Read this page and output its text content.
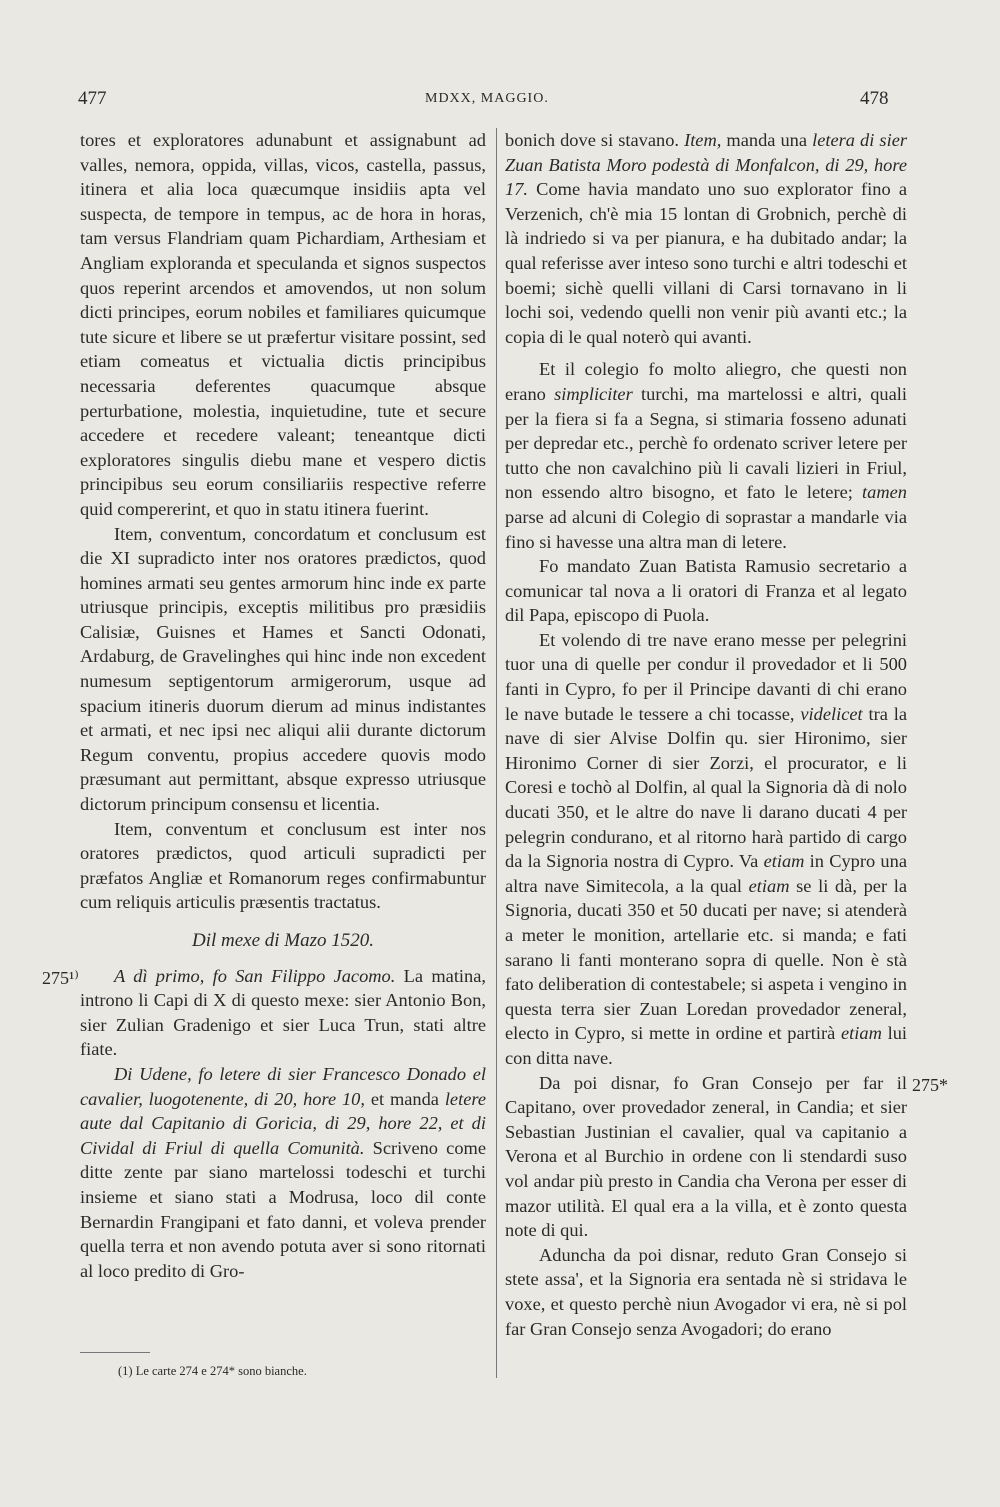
477	MDXX, MAGGIO.	478

tores et exploratores adunabunt et assignabunt ad valles, nemora, oppida, villas, vicos, castella, passus, itinera et alia loca quæcumque insidiis apta vel suspecta, de tempore in tempus, ac de hora in horas, tam versus Flandriam quam Pichardiam, Arthesiam et Angliam exploranda et speculanda et signos suspectos quos reperint arcendos et amovendos, ut non solum dicti principes, eorum nobiles et familiares quicumque tute sicure et libere se ut præfertur visitare possint, sed etiam comeatus et victualia dictis principibus necessaria deferentes quacumque absque perturbatione, molestia, inquietudine, tute et secure accedere et recedere valeant; teneantque dicti exploratores singulis diebu mane et vespero dictis principibus seu eorum consiliariis respective referre quid compererint, et quo in statu itinera fuerint.

Item, conventum, concordatum et conclusum est die XI supradicto inter nos oratores prædictos, quod homines armati seu gentes armorum hinc inde ex parte utriusque principis, exceptis militibus pro præsidiis Calisiæ, Guisnes et Hames et Sancti Odonati, Ardaburg, de Gravelinghes qui hinc inde non excedent numesum septigentorum armigerorum, usque ad spacium itineris duorum dierum ad minus indistantes et armati, et nec ipsi nec aliqui alii durante dictorum Regum conventu, propius accedere quovis modo præsumant aut permittant, absque expresso utriusque dictorum principum consensu et licentia.

Item, conventum et conclusum est inter nos oratores prædictos, quod articuli supradicti per præfatos Angliæ et Romanorum reges confirmabuntur cum reliquis articulis præsentis tractatus.

Dil mexe di Mazo 1520.

A dì primo, fo San Filippo Jacomo. La matina, introno li Capi di X di questo mexe: sier Antonio Bon, sier Zulian Gradenigo et sier Luca Trun, stati altre fiate.

Di Udene, fo letere di sier Francesco Donado el cavalier, luogotenente, di 20, hore 10, et manda letere aute dal Capitanio di Goricia, di 29, hore 22, et di Cividal di Friul di quella Comunità. Scriveno come ditte zente par siano martelossi todeschi et turchi insieme et siano stati a Modrusa, loco dil conte Bernardin Frangipani et fato danni, et voleva prender quella terra et non avendo potuta aver si sono ritornati al loco predito di Gro-

bonich dove si stavano. Item, manda una letera di sier Zuan Batista Moro podestà di Monfalcon, di 29, hore 17. Come havia mandato uno suo explorator fino a Verzenich, ch'è mia 15 lontan di Grobnich, perchè di là indriedo si va per pianura, e ha dubitado andar; la qual referisse aver inteso sono turchi e altri todeschi et boemi; sichè quelli villani di Carsi tornavano in li lochi soi, vedendo quelli non venir più avanti etc.; la copia di le qual noterò qui avanti.

Et il colegio fo molto aliegro, che questi non erano simpliciter turchi, ma martelossi e altri, quali per la fiera si fa a Segna, si stimaria fosseno adunati per depredar etc., perchè fo ordenato scriver letere per tutto che non cavalchino più li cavali lizieri in Friul, non essendo altro bisogno, et fato le letere; tamen parse ad alcuni di Colegio di soprastar a mandarle via fino si havesse una altra man di letere.

Fo mandato Zuan Batista Ramusio secretario a comunicar tal nova a li oratori di Franza et al legato dil Papa, episcopo di Puola.

Et volendo di tre nave erano messe per pelegrini tuor una di quelle per condur il provedador et li 500 fanti in Cypro, fo per il Principe davanti di chi erano le nave butade le tessere a chi tocasse, videlicet tra la nave di sier Alvise Dolfin qu. sier Hironimo, sier Hironimo Corner di sier Zorzi, el procurator, e li Coresi e tochò al Dolfin, al qual la Signoria dà di nolo ducati 350, et le altre do nave li darano ducati 4 per pelegrin condurano, et al ritorno harà partido di cargo da la Signoria nostra di Cypro. Va etiam in Cypro una altra nave Simitecola, a la qual etiam se li dà, per la Signoria, ducati 350 et 50 ducati per nave; si atenderà a meter le monition, artellarie etc. si manda; e fati sarano li fanti monterano sopra di quelle. Non è stà fato deliberation di contestabele; si aspeta i vengino in questa terra sier Zuan Loredan provedador zeneral, electo in Cypro, si mette in ordine et partirà etiam lui con ditta nave.

Da poi disnar, fo Gran Consejo per far il Capitano, over provedador zeneral, in Candia; et sier Sebastian Justinian el cavalier, qual va capitanio a Verona et al Burchio in ordene con li stendardi suso vol andar più presto in Candia cha Verona per esser di mazor utilità. El qual era a la villa, et è zonto questa note di qui.

Adunchа da poi disnar, reduto Gran Consejo si stete assa', et la Signoria era sentada nè si stridava le voxe, et questo perchè niun Avogador vi era, nè si pol far Gran Consejo senza Avogadori; do erano

275¹⁾
275*
(1) Le carte 274 e 274* sono bianche.
